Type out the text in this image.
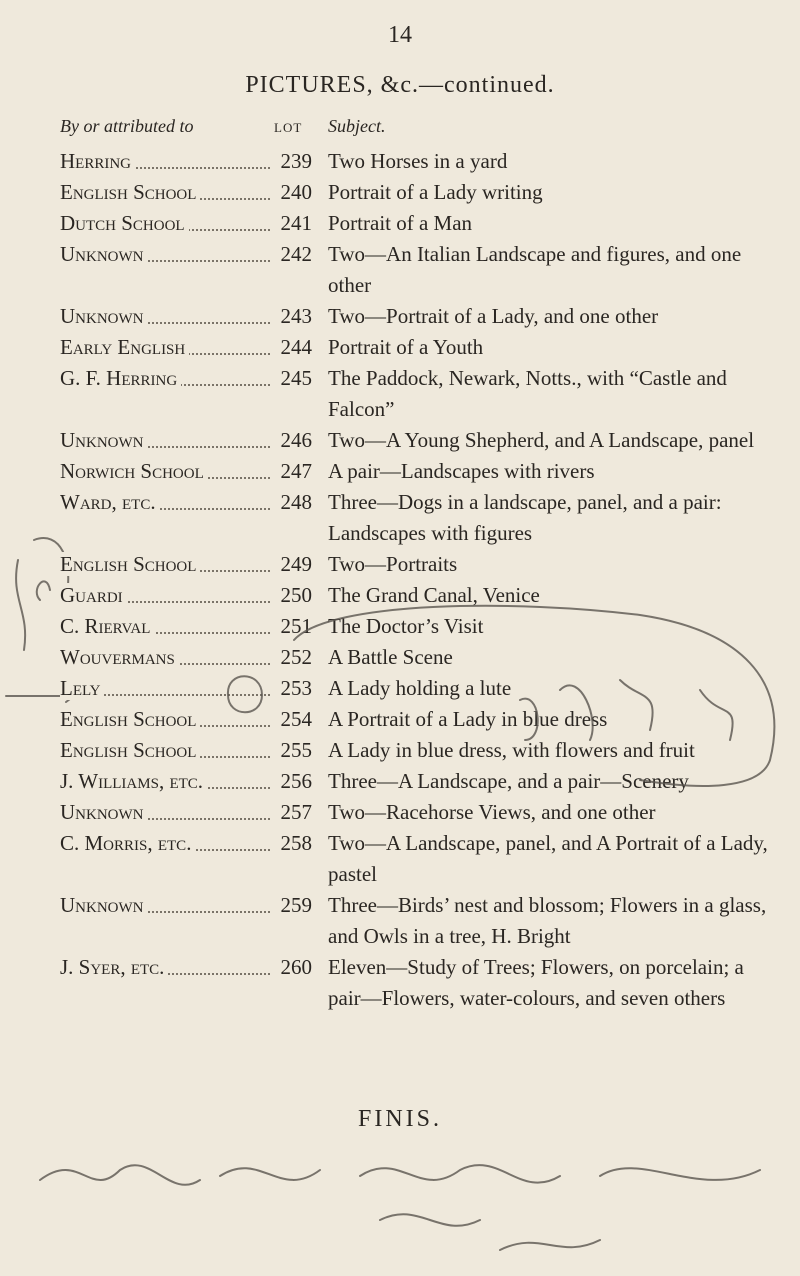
14
PICTURES, &c.—continued.
By or attributed to	LOT Subject.
Herring	239 Two Horses in a yard
English School	240 Portrait of a Lady writing
Dutch School	241 Portrait of a Man
Unknown	242 Two—An Italian Landscape and figures, and one other
Unknown	243 Two—Portrait of a Lady, and one other
Early English	244 Portrait of a Youth
G. F. Herring	245 The Paddock, Newark, Notts., with “Castle and Falcon”
Unknown	246 Two—A Young Shepherd, and A Landscape, panel
Norwich School	247 A pair—Landscapes with rivers
Ward, etc.	248 Three—Dogs in a landscape, panel, and a pair: Landscapes with figures
English School	249 Two—Portraits
Guardi	250 The Grand Canal, Venice
C. Rierval	251 The Doctor’s Visit
Wouvermans	252 A Battle Scene
Lely	253 A Lady holding a lute
English School	254 A Portrait of a Lady in blue dress
English School	255 A Lady in blue dress, with flowers and fruit
J. Williams, etc.	256 Three—A Landscape, and a pair—Scenery
Unknown	257 Two—Racehorse Views, and one other
C. Morris, etc.	258 Two—A Landscape, panel, and A Portrait of a Lady, pastel
Unknown	259 Three—Birds’ nest and blossom; Flowers in a glass, and Owls in a tree, H. Bright
J. Syer, etc.	260 Eleven—Study of Trees; Flowers, on porcelain; a pair—Flowers, water-colours, and seven others
FINIS.
